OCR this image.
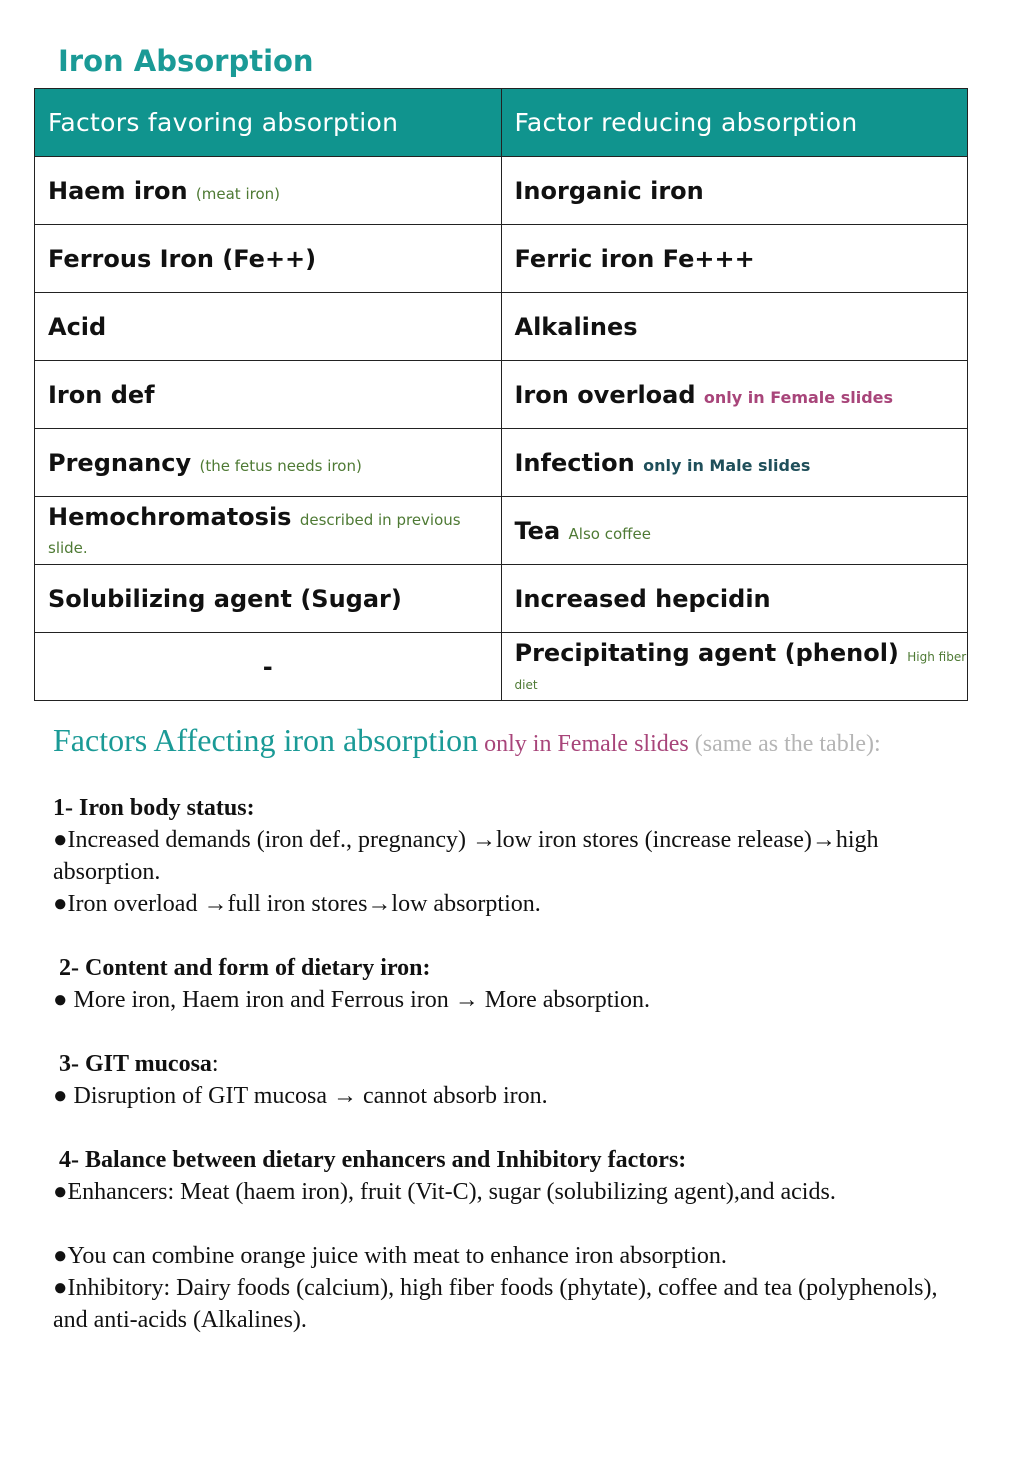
Iron Absorption
Factors favoring absorption	Factor reducing absorption
Haem iron (meat iron)	Inorganic iron
Ferrous Iron (Fe++)	Ferric iron Fe+++
Acid	Alkalines
Iron def	Iron overload only in Female slides
Pregnancy (the fetus needs iron)	Infection only in Male slides
Hemochromatosis described in previous slide.	Tea Also coffee
Solubilizing agent (Sugar)	Increased hepcidin
-	Precipitating agent (phenol) High fiber diet

Factors Affecting iron absorption only in Female slides (same as the table):

1- Iron body status:

●Increased demands (iron def., pregnancy) →low iron stores (increase release)→high absorption.

●Iron overload →full iron stores→low absorption.

2- Content and form of dietary iron:

● More iron, Haem iron and Ferrous iron → More absorption.

3- GIT mucosa:

● Disruption of GIT mucosa → cannot absorb iron.

4- Balance between dietary enhancers and Inhibitory factors:

●Enhancers: Meat (haem iron), fruit (Vit-C), sugar (solubilizing agent),and acids.

●You can combine orange juice with meat to enhance iron absorption.

●Inhibitory: Dairy foods (calcium), high fiber foods (phytate), coffee and tea (polyphenols), and anti-acids (Alkalines).
